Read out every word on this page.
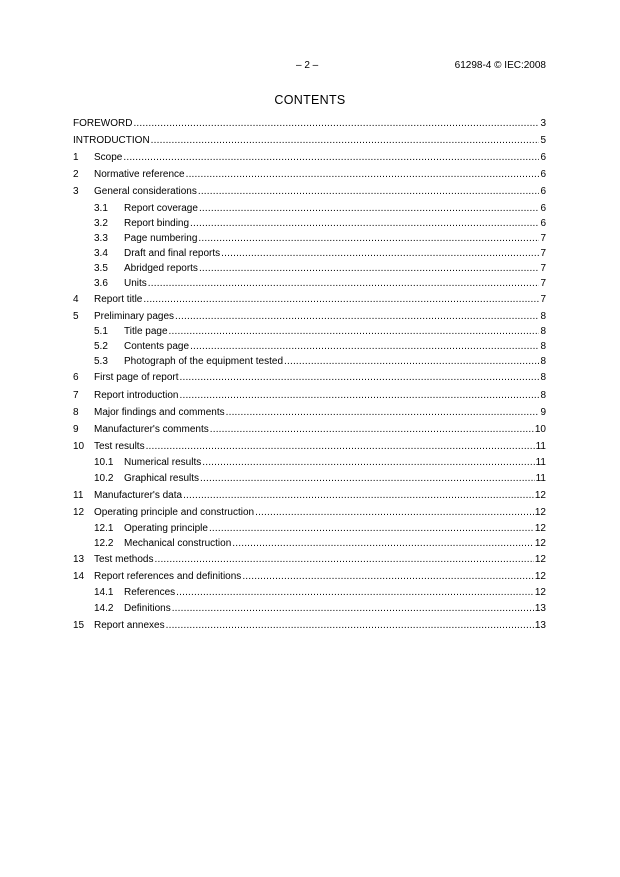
– 2 –	61298-4 © IEC:2008
CONTENTS
FOREWORD .....	3
INTRODUCTION .....	5
1	Scope .....	6
2	Normative reference .....	6
3	General considerations .....	6
3.1	Report coverage .....	6
3.2	Report binding .....	6
3.3	Page numbering .....	7
3.4	Draft and final reports .....	7
3.5	Abridged reports .....	7
3.6	Units .....	7
4	Report title .....	7
5	Preliminary pages .....	8
5.1	Title page .....	8
5.2	Contents page .....	8
5.3	Photograph of the equipment tested .....	8
6	First page of report .....	8
7	Report introduction .....	8
8	Major findings and comments .....	9
9	Manufacturer's comments .....	10
10 Test results .....	11
10.1	Numerical results .....	11
10.2	Graphical results .....	11
11	Manufacturer's data .....	12
12 Operating principle and construction .....	12
12.1	Operating principle .....	12
12.2	Mechanical construction .....	12
13 Test methods .....	12
14 Report references and definitions .....	12
14.1	References .....	12
14.2	Definitions .....	13
15 Report annexes .....	13
